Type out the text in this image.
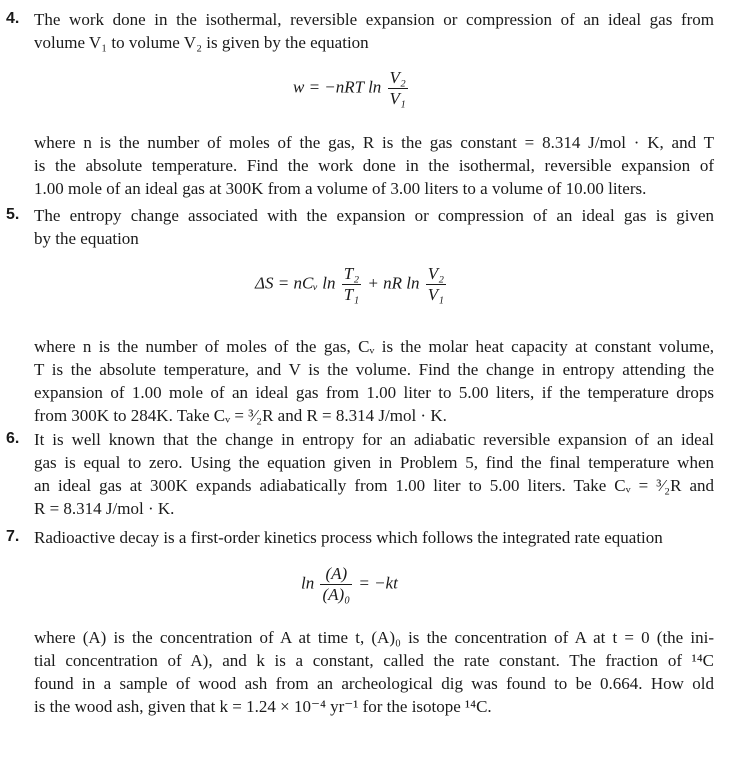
4. The work done in the isothermal, reversible expansion or compression of an ideal gas from
volume V₁ to volume V₂ is given by the equation
w = −nRT $\ln \frac{\text{V₂}}{\text{V₁}}$
where n is the number of moles of the gas, R is the gas constant = 8.314 J/mol · K, and T
is the absolute temperature. Find the work done in the isothermal, reversible expansion of
1.00 mole of an ideal gas at 300K from a volume of 3.00 liters to a volume of 10.00 liters.
5. The entropy change associated with the expansion or compression of an ideal gas is given
by the equation
ΔS = nCᵥ $\ln \frac{\text{T₂}}{\text{T₁}}$ + nR $\ln \frac{\text{V₂}}{\text{V₁}}$
where n is the number of moles of the gas, Cᵥ is the molar heat capacity at constant volume,
T is the absolute temperature, and V is the volume. Find the change in entropy attending the
expansion of 1.00 mole of an ideal gas from 1.00 liter to 5.00 liters, if the temperature drops
from 300K to 284K. Take Cᵥ = ³⁄₂R and R = 8.314 J/mol · K.
6. It is well known that the change in entropy for an adiabatic reversible expansion of an ideal
gas is equal to zero. Using the equation given in Problem 5, find the final temperature when
an ideal gas at 300K expands adiabatically from 1.00 liter to 5.00 liters. Take Cᵥ = ³⁄₂R and
R = 8.314 J/mol · K.
7. Radioactive decay is a first-order kinetics process which follows the integrated rate equation
$\ln \frac{(A)}{\text{(A)₀}} = -kt$
where (A) is the concentration of A at time t, (A)₀ is the concentration of A at t = 0 (the ini-
tial concentration of A), and k is a constant, called the rate constant. The fraction of ¹⁴C
found in a sample of wood ash from an archeological dig was found to be 0.664. How old
is the wood ash, given that k = 1.24 × 10⁻⁴ yr⁻¹ for the isotope ¹⁴C.
